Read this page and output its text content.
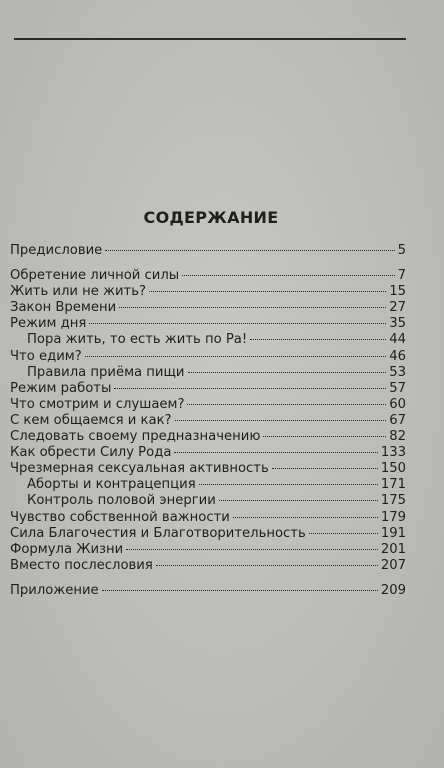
СОДЕРЖАНИЕ
Предисловие	5
Обретение личной силы	7
Жить или не жить?	15
Закон Времени	27
Режим дня	35
Пора жить, то есть жить по Ра!	44
Что едим?	46
Правила приёма пищи	53
Режим работы	57
Что смотрим и слушаем?	60
С кем общаемся и как?	67
Следовать своему предназначению	82
Как обрести Силу Рода	133
Чрезмерная сексуальная активность	150
Аборты и контрацепция	171
Контроль половой энергии	175
Чувство собственной важности	179
Сила Благочестия и Благотворительность	191
Формула Жизни	201
Вместо послесловия	207
Приложение	209
